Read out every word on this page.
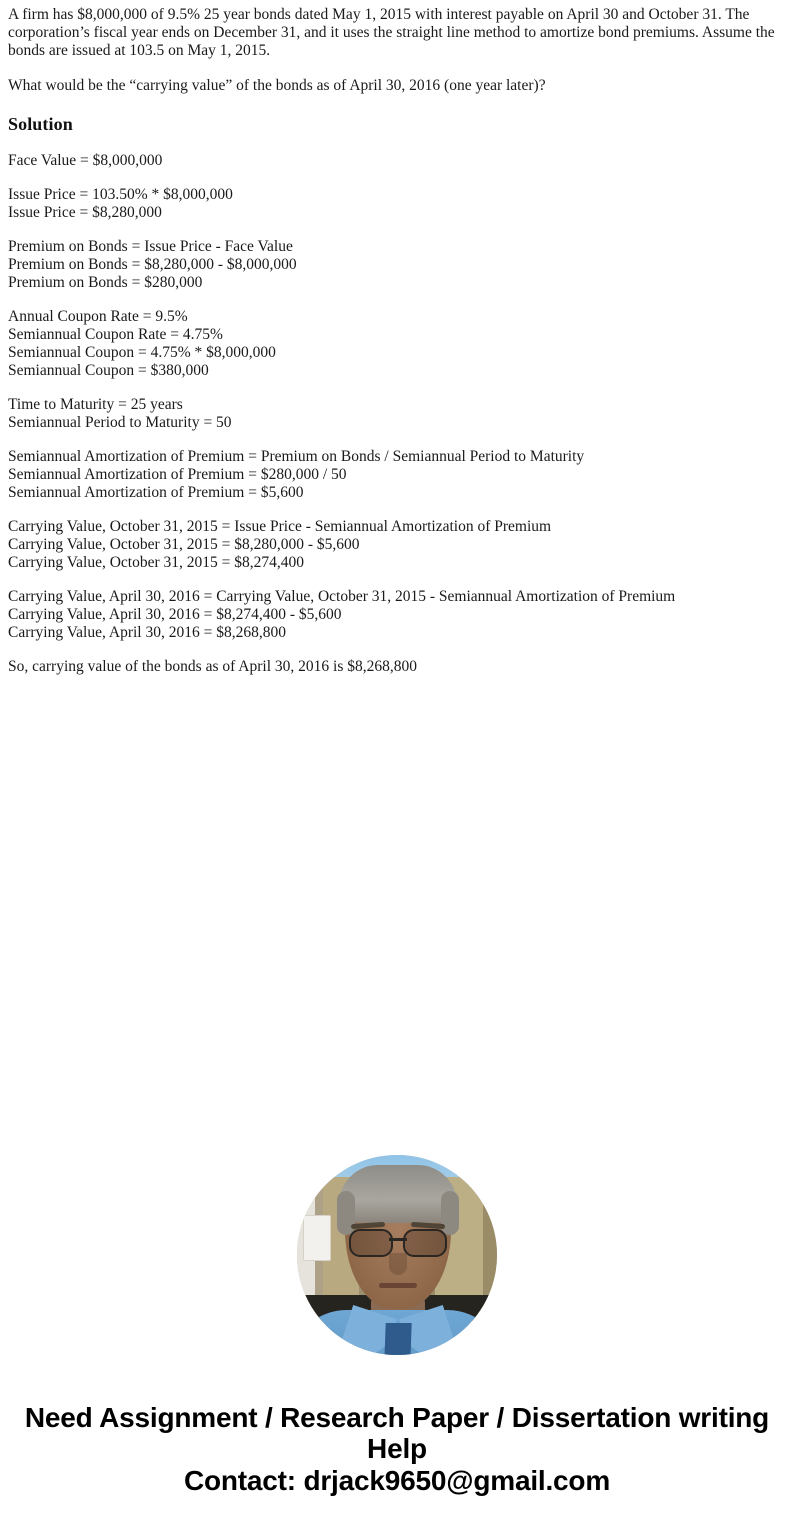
A firm has $8,000,000 of 9.5% 25 year bonds dated May 1, 2015 with interest payable on April 30 and October 31. The corporation’s fiscal year ends on December 31, and it uses the straight line method to amortize bond premiums. Assume the bonds are issued at 103.5 on May 1, 2015.

What would be the “carrying value” of the bonds as of April 30, 2016 (one year later)?

Solution
Face Value = $8,000,000
Issue Price = 103.50% * $8,000,000
Issue Price = $8,280,000
Premium on Bonds = Issue Price - Face Value
Premium on Bonds = $8,280,000 - $8,000,000
Premium on Bonds = $280,000
Annual Coupon Rate = 9.5%
Semiannual Coupon Rate = 4.75%
Semiannual Coupon = 4.75% * $8,000,000
Semiannual Coupon = $380,000
Time to Maturity = 25 years
Semiannual Period to Maturity = 50
Semiannual Amortization of Premium = Premium on Bonds / Semiannual Period to Maturity
Semiannual Amortization of Premium = $280,000 / 50
Semiannual Amortization of Premium = $5,600
Carrying Value, October 31, 2015 = Issue Price - Semiannual Amortization of Premium
Carrying Value, October 31, 2015 = $8,280,000 - $5,600
Carrying Value, October 31, 2015 = $8,274,400
Carrying Value, April 30, 2016 = Carrying Value, October 31, 2015 - Semiannual Amortization of Premium
Carrying Value, April 30, 2016 = $8,274,400 - $5,600
Carrying Value, April 30, 2016 = $8,268,800
So, carrying value of the bonds as of April 30, 2016 is $8,268,800
Need Assignment / Research Paper / Dissertation writing Help
Contact: drjack9650@gmail.com
